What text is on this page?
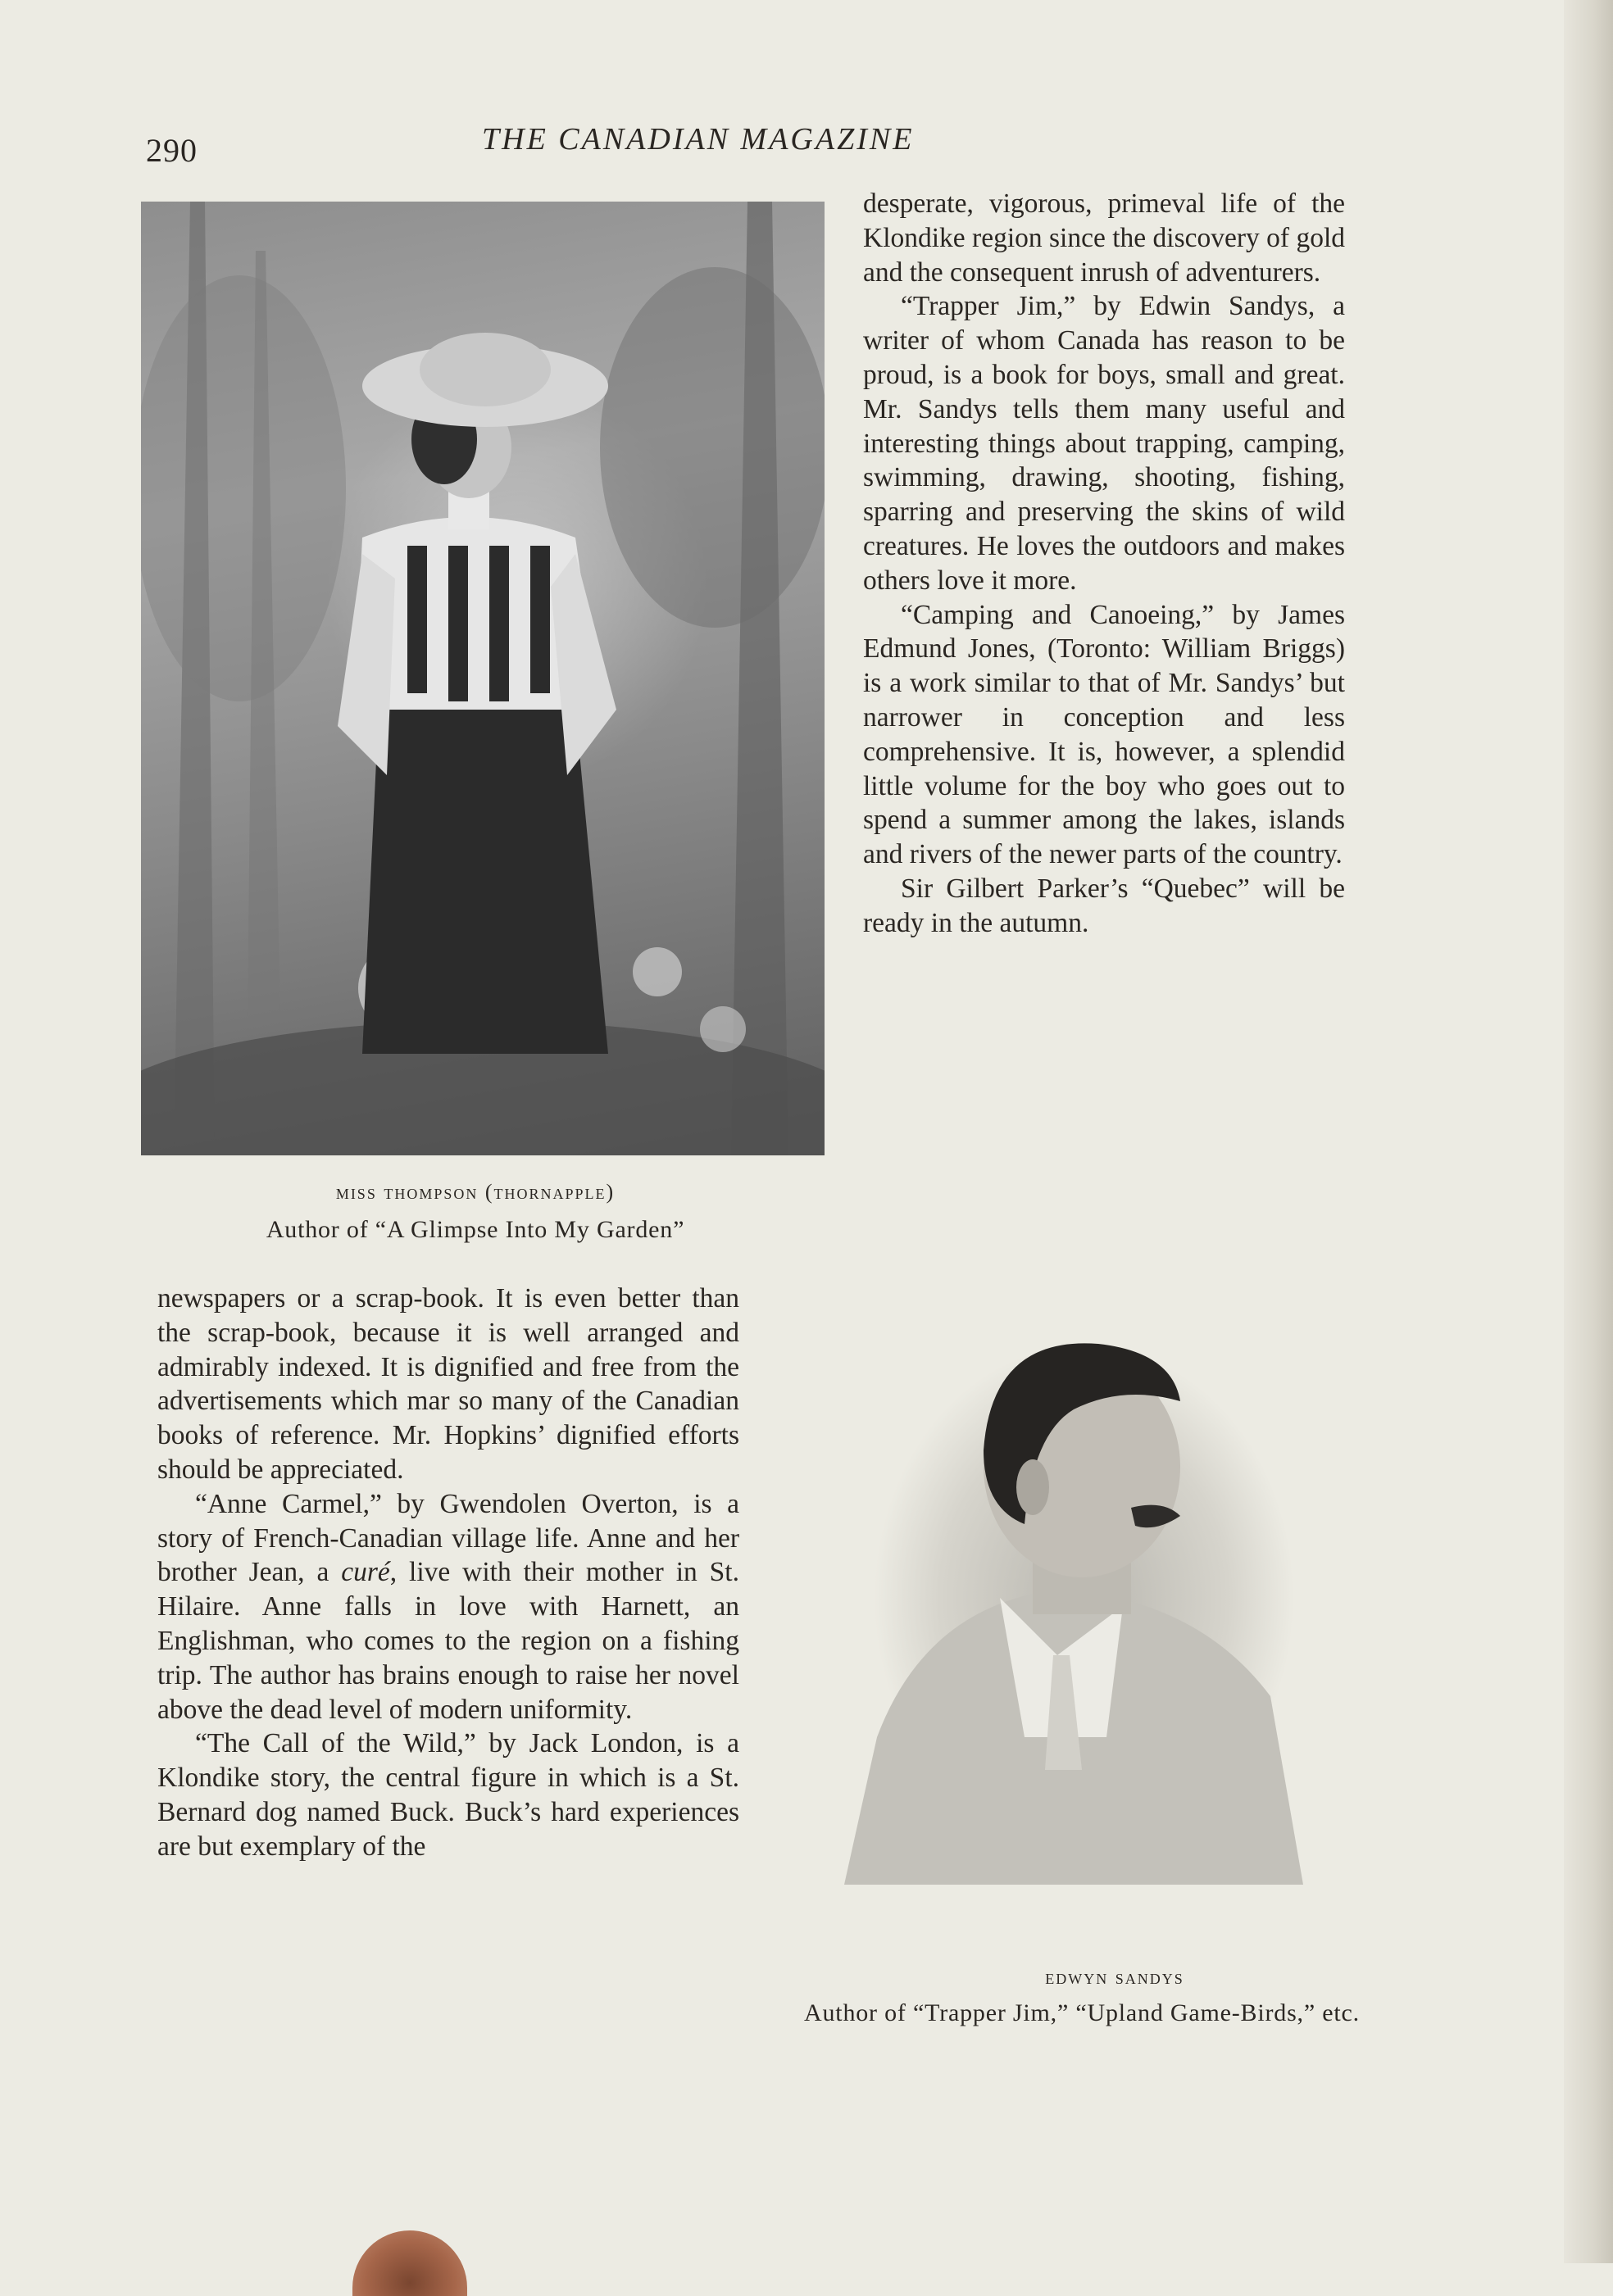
290	THE CANADIAN MAGAZINE
miss thompson (thornapple)
Author of “A Glimpse Into My Garden”

desperate, vigorous, primeval life of the Klondike region since the discovery of gold and the consequent inrush of adventurers.

“Trapper Jim,” by Edwin Sandys, a writer of whom Canada has reason to be proud, is a book for boys, small and great. Mr. Sandys tells them many useful and interesting things about trapping, camping, swimming, drawing, shooting, fishing, sparring and preserving the skins of wild creatures. He loves the outdoors and makes others love it more.

“Camping and Canoeing,” by James Edmund Jones, (Toronto: William Briggs) is a work similar to that of Mr. Sandys’ but narrower in conception and less comprehensive. It is, however, a splendid little volume for the boy who goes out to spend a summer among the lakes, islands and rivers of the newer parts of the country.

Sir Gilbert Parker’s “Quebec” will be ready in the autumn.

newspapers or a scrap-book. It is even better than the scrap-book, because it is well arranged and admirably indexed. It is dignified and free from the advertisements which mar so many of the Canadian books of reference. Mr. Hopkins’ dignified efforts should be appreciated.

“Anne Carmel,” by Gwendolen Overton, is a story of French-Canadian village life. Anne and her brother Jean, a curé, live with their mother in St. Hilaire. Anne falls in love with Harnett, an Englishman, who comes to the region on a fishing trip. The author has brains enough to raise her novel above the dead level of modern uniformity.

“The Call of the Wild,” by Jack London, is a Klondike story, the central figure in which is a St. Bernard dog named Buck. Buck’s hard experiences are but exemplary of the

edwyn sandys
Author of “Trapper Jim,” “Upland Game-Birds,” etc.
